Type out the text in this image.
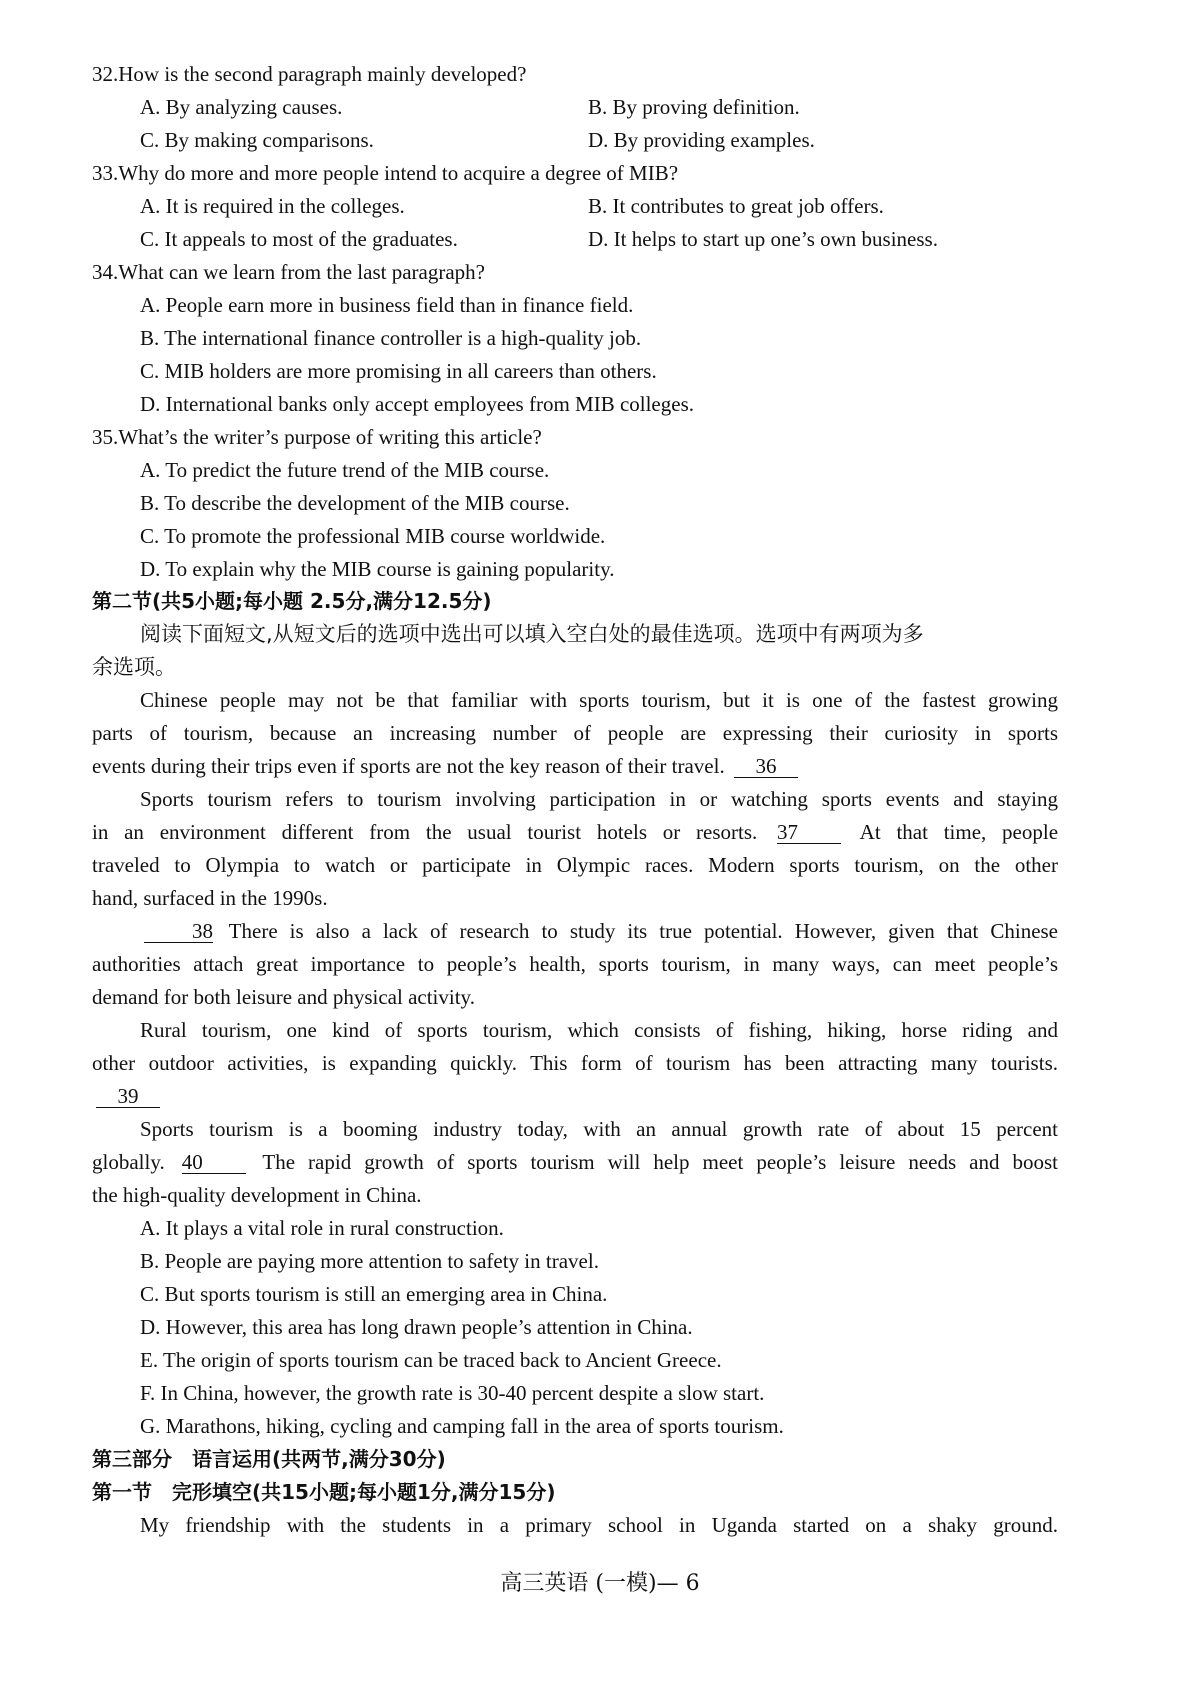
32.How is the second paragraph mainly developed?
A. By analyzing causes.	B. By proving definition.
C. By making comparisons.	D. By providing examples.
33.Why do more and more people intend to acquire a degree of MIB?
A. It is required in the colleges.	B. It contributes to great job offers.
C. It appeals to most of the graduates.	D. It helps to start up one’s own business.
34.What can we learn from the last paragraph?
A. People earn more in business field than in finance field.
B. The international finance controller is a high-quality job.
C. MIB holders are more promising in all careers than others.
D. International banks only accept employees from MIB colleges.
35.What’s the writer’s purpose of writing this article?
A. To predict the future trend of the MIB course.
B. To describe the development of the MIB course.
C. To promote the professional MIB course worldwide.
D. To explain why the MIB course is gaining popularity.
第二节(共5小题;每小题 2.5分,满分12.5分)
阅读下面短文,从短文后的选项中选出可以填入空白处的最佳选项。选项中有两项为多
余选项。
Chinese people may not be that familiar with sports tourism, but it is one of the fastest growing
parts of tourism, because an increasing number of people are expressing their curiosity in sports
events during their trips even if sports are not the key reason of their travel. 36
Sports tourism refers to tourism involving participation in or watching sports events and staying
in an environment different from the usual tourist hotels or resorts. 37	At that time, people
traveled to Olympia to watch or participate in Olympic races. Modern sports tourism, on the other
hand, surfaced in the 1990s.
38 There is also a lack of research to study its true potential. However, given that Chinese
authorities attach great importance to people’s health, sports tourism, in many ways, can meet people’s
demand for both leisure and physical activity.
Rural tourism, one kind of sports tourism, which consists of fishing, hiking, horse riding and
other outdoor activities, is expanding quickly. This form of tourism has been attracting many tourists.
39
Sports tourism is a booming industry today, with an annual growth rate of about 15 percent
globally. 40	The rapid growth of sports tourism will help meet people’s leisure needs and boost
the high-quality development in China.
A. It plays a vital role in rural construction.
B. People are paying more attention to safety in travel.
C. But sports tourism is still an emerging area in China.
D. However, this area has long drawn people’s attention in China.
E. The origin of sports tourism can be traced back to Ancient Greece.
F. In China, however, the growth rate is 30-40 percent despite a slow start.
G. Marathons, hiking, cycling and camping fall in the area of sports tourism.
第三部分　语言运用(共两节,满分30分)
第一节　完形填空(共15小题;每小题1分,满分15分)
My friendship with the students in a primary school in Uganda started on a shaky ground.
高三英语 (一模)— 6
